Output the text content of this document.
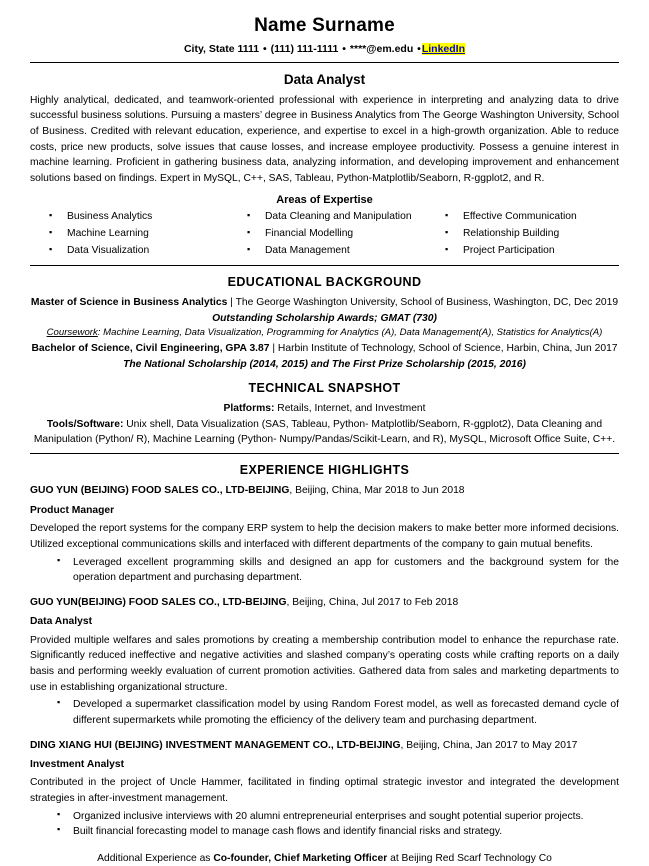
Name Surname
City, State 1111 • (111) 111-1111 • ****@em.edu •LinkedIn
Data Analyst

Highly analytical, dedicated, and teamwork-oriented professional with experience in interpreting and analyzing data to drive successful business solutions. Pursuing a masters’ degree in Business Analytics from The George Washington University, School of Business. Credited with relevant education, experience, and expertise to excel in a high-growth organization. Able to reduce costs, price new products, solve issues that cause losses, and increase employee productivity. Possess a genuine interest in machine learning. Proficient in gathering business data, analyzing information, and developing improvement and enhancement solutions based on findings. Expert in MySQL, C++, SAS, Tableau, Python-Matplotlib/Seaborn, R-ggplot2, and R.

Areas of Expertise
▪ Business Analytics
▪ Machine Learning
▪ Data Visualization
▪ Data Cleaning and Manipulation
▪ Financial Modelling
▪ Data Management
▪ Effective Communication
▪ Relationship Building
▪ Project Participation
EDUCATIONAL BACKGROUND

Master of Science in Business Analytics | The George Washington University, School of Business, Washington, DC, Dec 2019

Outstanding Scholarship Awards; GMAT (730)

Coursework: Machine Learning, Data Visualization, Programming for Analytics (A), Data Management(A), Statistics for Analytics(A)

Bachelor of Science, Civil Engineering, GPA 3.87 | Harbin Institute of Technology, School of Science, Harbin, China, Jun 2017

The National Scholarship (2014, 2015) and The First Prize Scholarship (2015, 2016)

TECHNICAL SNAPSHOT

Platforms: Retails, Internet, and Investment

Tools/Software: Unix shell, Data Visualization (SAS, Tableau, Python- Matplotlib/Seaborn, R-ggplot2), Data Cleaning and Manipulation (Python/ R), Machine Learning (Python- Numpy/Pandas/Scikit-Learn, and R), MySQL, Microsoft Office Suite, C++.

EXPERIENCE HIGHLIGHTS

GUO YUN (BEIJING) FOOD SALES CO., LTD-BEIJING, Beijing, China, Mar 2018 to Jun 2018

Product Manager

Developed the report systems for the company ERP system to help the decision makers to make better more informed decisions. Utilized exceptional communications skills and interfaced with different departments of the company to gain mutual benefits.

▪ Leveraged excellent programming skills and designed an app for customers and the background system for the operation department and purchasing department.

GUO YUN(BEIJING) FOOD SALES CO., LTD-BEIJING, Beijing, China, Jul 2017 to Feb 2018

Data Analyst

Provided multiple welfares and sales promotions by creating a membership contribution model to enhance the repurchase rate. Significantly reduced ineffective and negative activities and slashed company’s operating costs while crafting reports on a daily basis and performing weekly evaluation of current promotion activities. Gathered data from sales and marketing departments to use in establishing organizational structure.

▪ Developed a supermarket classification model by using Random Forest model, as well as forecasted demand cycle of different supermarkets while promoting the efficiency of the delivery team and purchasing department.

DING XIANG HUI (BEIJING) INVESTMENT MANAGEMENT CO., LTD-BEIJING, Beijing, China, Jan 2017 to May 2017

Investment Analyst

Contributed in the project of Uncle Hammer, facilitated in finding optimal strategic investor and integrated the development strategies in after-investment management.

▪ Organized inclusive interviews with 20 alumni entrepreneurial enterprises and sought potential superior projects.
▪ Built financial forecasting model to manage cash flows and identify financial risks and strategy.

Additional Experience as Co-founder, Chief Marketing Officer at Beijing Red Scarf Technology Co
